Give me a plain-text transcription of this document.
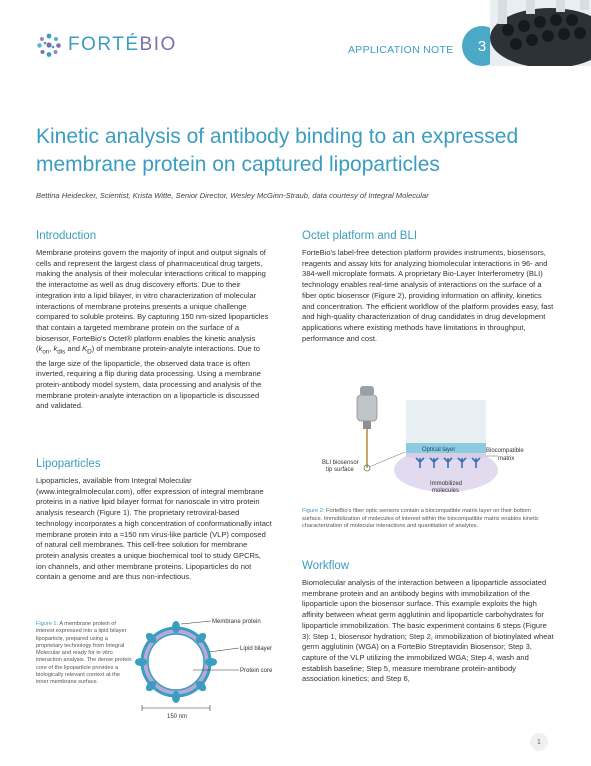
FORTÉBIO	APPLICATION NOTE	3
Kinetic analysis of antibody binding to an expressed membrane protein on captured lipoparticles
Bettina Heidecker, Scientist, Krista Witte, Senior Director, Wesley McGinn-Straub, data courtesy of Integral Molecular
Introduction

Membrane proteins govern the majority of input and output signals of cells and represent the largest class of pharmaceutical drug targets, making the analysis of their molecular interactions critical to mapping the interactome as well as drug discovery efforts. Due to their integration into a lipid bilayer, in vitro characterization of molecular interactions of membrane proteins presents a unique challenge compared to soluble proteins. By capturing 150 nm-sized lipoparticles that contain a targeted membrane protein on the surface of a biosensor, ForteBio's Octet® platform enables the kinetic analysis ($k_{on}$, $k_{dis}$ and $K_D$) of membrane protein-analyte interactions. Due to the large size of the lipoparticle, the observed data trace is often inverted, requiring a flip during data processing. Using a membrane protein-antibody model system, data processing and analysis of the membrane protein-analyte interaction on a lipoparticle is discussed and validated.

Lipoparticles

Lipoparticles, available from Integral Molecular (www.integralmolecular.com), offer expression of integral membrane proteins in a native lipid bilayer format for nanoscale in vitro protein analysis research (Figure 1). The proprietary retroviral-based technology incorporates a high concentration of conformationally intact membrane protein into a ≈150 nm virus-like particle (VLP) composed of natural cell membranes. This cell-free solution for membrane protein analysis creates a unique biochemical tool to study GPCRs, ion channels, and other membrane proteins. Lipoparticles do not contain a genome and are thus non-infectious.

Figure 1: A membrane protein of interest expressed into a lipid bilayer lipoparticle, prepared using a proprietary technology from Integral Molecular and ready for in vitro interaction analysis. The dense protein core of the lipoparticle provides a biologically relevant context at the inner membrane surface.
Membrane protein
Lipid bilayer
Protein core
150 nm
Octet platform and BLI

ForteBio's label-free detection platform provides instruments, biosensors, reagents and assay kits for analyzing biomolecular interactions in 96- and 384-well microplate formats. A proprietary Bio-Layer Interferometry (BLI) technology enables real-time analysis of interactions on the surface of a fiber optic biosensor (Figure 2), providing information on affinity, kinetics and concentration. The efficient workflow of the platform provides easy, fast and high-quality characterization of drug candidates in drug development applications where existing methods have limitations in throughput, performance and cost.

Optical layer	Biocompatible
matrix
BLI biosensor
tip surface
Immobilized
molecules
Figure 2: ForteBio's fiber optic sensors contain a biocompatible matrix layer on their bottom surface. Immobilization of molecules of interest within the biocompatible matrix enables kinetic characterization of molecular interactions and quantitation of analytes.
Workflow

Biomolecular analysis of the interaction between a lipoparticle associated membrane protein and an antibody begins with immobilization of the lipoparticle upon the biosensor surface. This example exploits the high affinity between wheat germ agglutinin and lipoparticle carbohydrates for lipoparticle immobilization. The basic experiment contains 6 steps (Figure 3): Step 1, biosensor hydration; Step 2, immobilization of biotinylated wheat germ agglutinin (WGA) on a ForteBio Streptavidin Biosensor; Step 3, capture of the VLP utilizing the immobilized WGA; Step 4, wash and establish baseline; Step 5, measure membrane protein-antibody association kinetics; and Step 6,

1
